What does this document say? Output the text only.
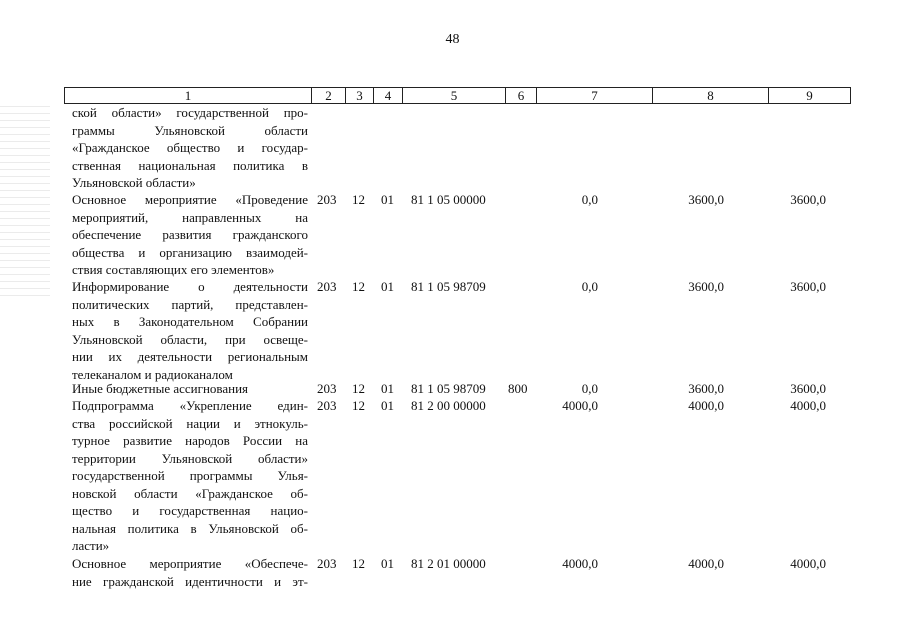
48
1	2	3	4	5	6	7	8	9
ской области» государственной про-
граммы Ульяновской области
«Гражданское общество и государ-
ственная национальная политика в
Ульяновской области»
Основное мероприятие «Проведение
мероприятий, направленных на
обеспечение развития гражданского
общества и организацию взаимодей-
ствия составляющих его элементов»
203 12 01 81 1 05 00000	0,0	3600,0	3600,0
Информирование о деятельности
политических партий, представлен-
ных в Законодательном Собрании
Ульяновской области, при освеще-
нии их деятельности региональным
телеканалом и радиоканалом
203 12 01 81 1 05 98709	0,0	3600,0	3600,0
Иные бюджетные ассигнования	203 12 01 81 1 05 98709 800	0,0	3600,0	3600,0
Подпрограмма «Укрепление един-
ства российской нации и этнокуль-
турное развитие народов России на
территории Ульяновской области»
государственной программы Улья-
новской области «Гражданское об-
щество и государственная нацио-
нальная политика в Ульяновской об-
ласти»
203 12 01 81 2 00 00000	4000,0	4000,0	4000,0
Основное мероприятие «Обеспече-
ние гражданской идентичности и эт-
203 12 01 81 2 01 00000	4000,0	4000,0	4000,0
